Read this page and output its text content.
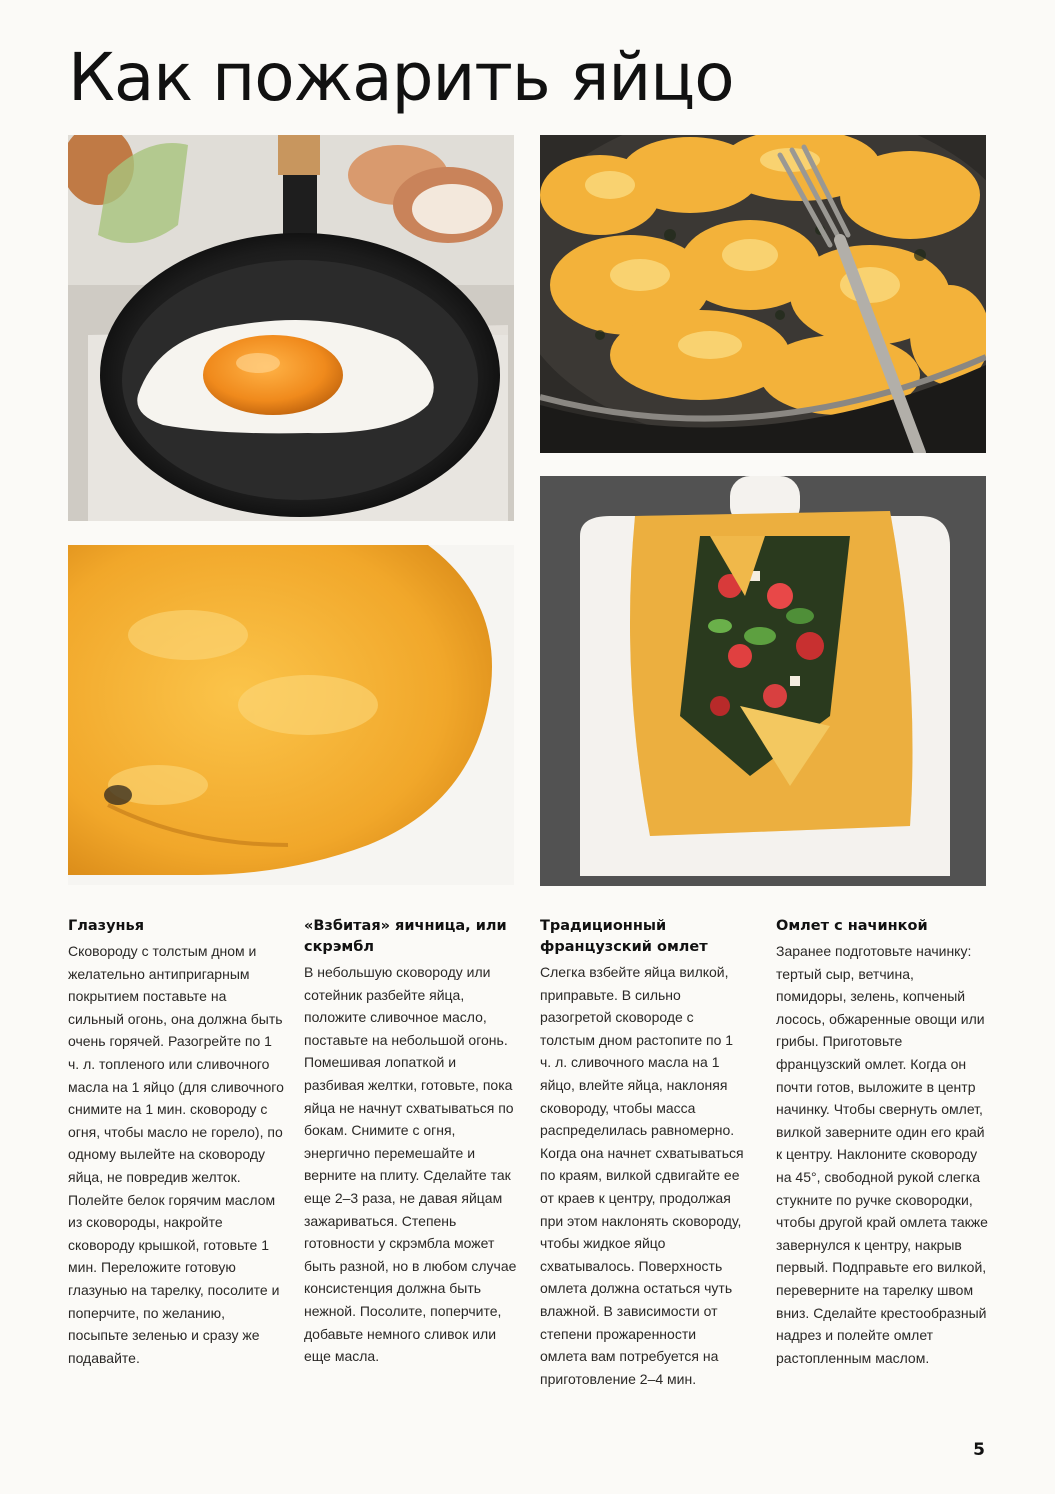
Как пожарить яйцо
Глазунья

Сковороду с толстым дном и желательно антипригарным покрытием поставьте на сильный огонь, она должна быть очень горячей. Разогрейте по 1 ч. л. топленого или сливочного масла на 1 яйцо (для сливочного снимите на 1 мин. сковороду с огня, чтобы масло не горело), по одному вылейте на сковороду яйца, не повредив желток. Полейте белок горячим маслом из сковороды, накройте сковороду крышкой, готовьте 1 мин. Переложите готовую глазунью на тарелку, посолите и поперчите, по желанию, посыпьте зеленью и сразу же подавайте.

«Взбитая» яичница, или скрэмбл

В небольшую сковороду или сотейник разбейте яйца, положите сливочное масло, поставьте на небольшой огонь. Помешивая лопаткой и разбивая желтки, готовьте, пока яйца не начнут схватываться по бокам. Снимите с огня, энергично перемешайте и верните на плиту. Сделайте так еще 2–3 раза, не давая яйцам зажариваться. Степень готовности у скрэмбла может быть разной, но в любом случае консистенция должна быть нежной. Посолите, поперчите, добавьте немного сливок или еще масла.

Традиционный французский омлет

Слегка взбейте яйца вилкой, приправьте. В сильно разогретой сковороде с толстым дном растопите по 1 ч. л. сливочного масла на 1 яйцо, влейте яйца, наклоняя сковороду, чтобы масса распределилась равномерно. Когда она начнет схватываться по краям, вилкой сдвигайте ее от краев к центру, продолжая при этом наклонять сковороду, чтобы жидкое яйцо схватывалось. Поверхность омлета должна остаться чуть влажной. В зависимости от степени прожаренности омлета вам потребуется на приготовление 2–4 мин.

Омлет с начинкой

Заранее подготовьте начинку: тертый сыр, ветчина, помидоры, зелень, копченый лосось, обжаренные овощи или грибы. Приготовьте французский омлет. Когда он почти готов, выложите в центр начинку. Чтобы свернуть омлет, вилкой заверните один его край к центру. Наклоните сковороду на 45°, свободной рукой слегка стукните по ручке сковородки, чтобы другой край омлета также завернулся к центру, накрыв первый. Подправьте его вилкой, переверните на тарелку швом вниз. Сделайте крестообразный надрез и полейте омлет растопленным маслом.

5
